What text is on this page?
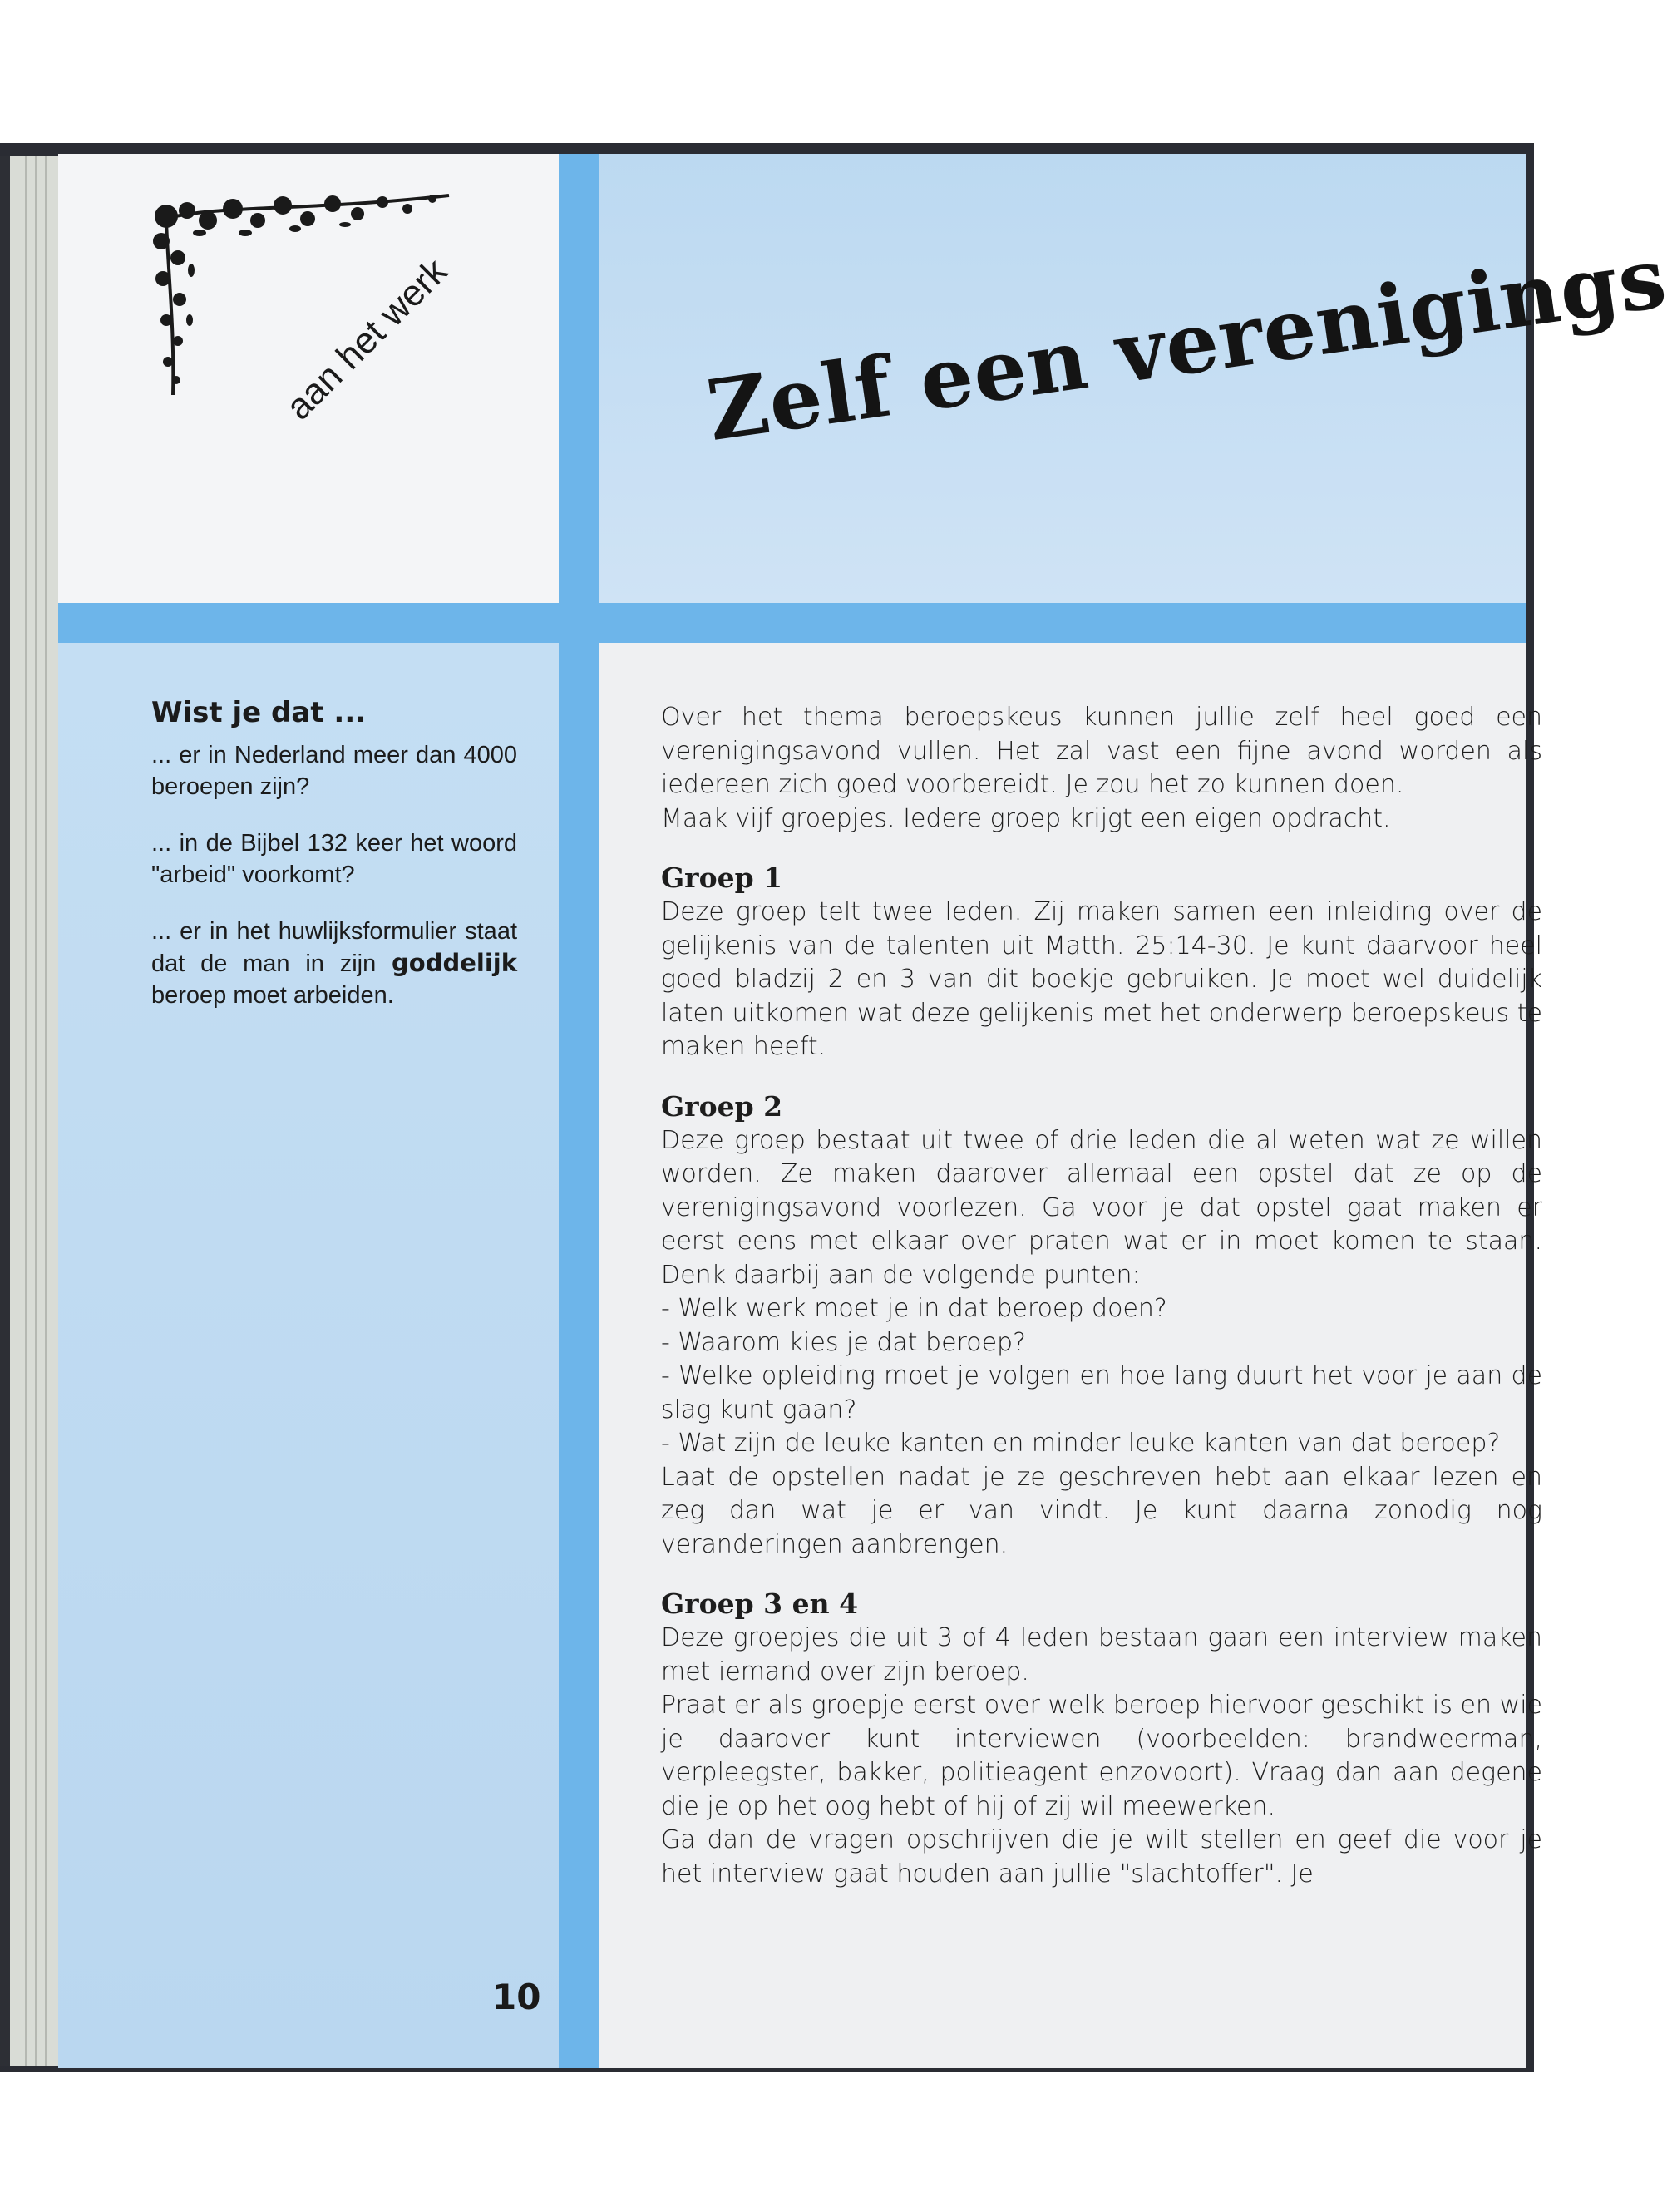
aan het werk	Zelf een verenigings
Wist je dat ...

... er in Nederland meer dan 4000 beroepen zijn?

... in de Bijbel 132 keer het woord "arbeid" voorkomt?

... er in het huwlijksformulier staat dat de man in zijn goddelijk beroep moet arbeiden.

10

Over het thema beroepskeus kunnen jullie zelf heel goed een verenigingsavond vullen. Het zal vast een fijne avond worden als iedereen zich goed voorbereidt. Je zou het zo kunnen doen.

Maak vijf groepjes. Iedere groep krijgt een eigen opdracht.

Groep 1

Deze groep telt twee leden. Zij maken samen een inleiding over de gelijkenis van de talenten uit Matth. 25:14-30. Je kunt daarvoor heel goed bladzij 2 en 3 van dit boekje gebruiken. Je moet wel duidelijk laten uitkomen wat deze gelijkenis met het onderwerp beroepskeus te maken heeft.

Groep 2

Deze groep bestaat uit twee of drie leden die al weten wat ze willen worden. Ze maken daarover allemaal een opstel dat ze op de verenigingsavond voorlezen. Ga voor je dat opstel gaat maken er eerst eens met elkaar over praten wat er in moet komen te staan. Denk daarbij aan de volgende punten:

- Welk werk moet je in dat beroep doen?

- Waarom kies je dat beroep?

- Welke opleiding moet je volgen en hoe lang duurt het voor je aan de slag kunt gaan?

- Wat zijn de leuke kanten en minder leuke kanten van dat beroep?

Laat de opstellen nadat je ze geschreven hebt aan elkaar lezen en zeg dan wat je er van vindt. Je kunt daarna zonodig nog veranderingen aanbrengen.

Groep 3 en 4

Deze groepjes die uit 3 of 4 leden bestaan gaan een interview maken met iemand over zijn beroep.

Praat er als groepje eerst over welk beroep hiervoor geschikt is en wie je daarover kunt interviewen (voorbeelden: brandweerman, verpleegster, bakker, politieagent enzovoort). Vraag dan aan degene die je op het oog hebt of hij of zij wil meewerken.

Ga dan de vragen opschrijven die je wilt stellen en geef die voor je het interview gaat houden aan jullie "slachtoffer". Je
